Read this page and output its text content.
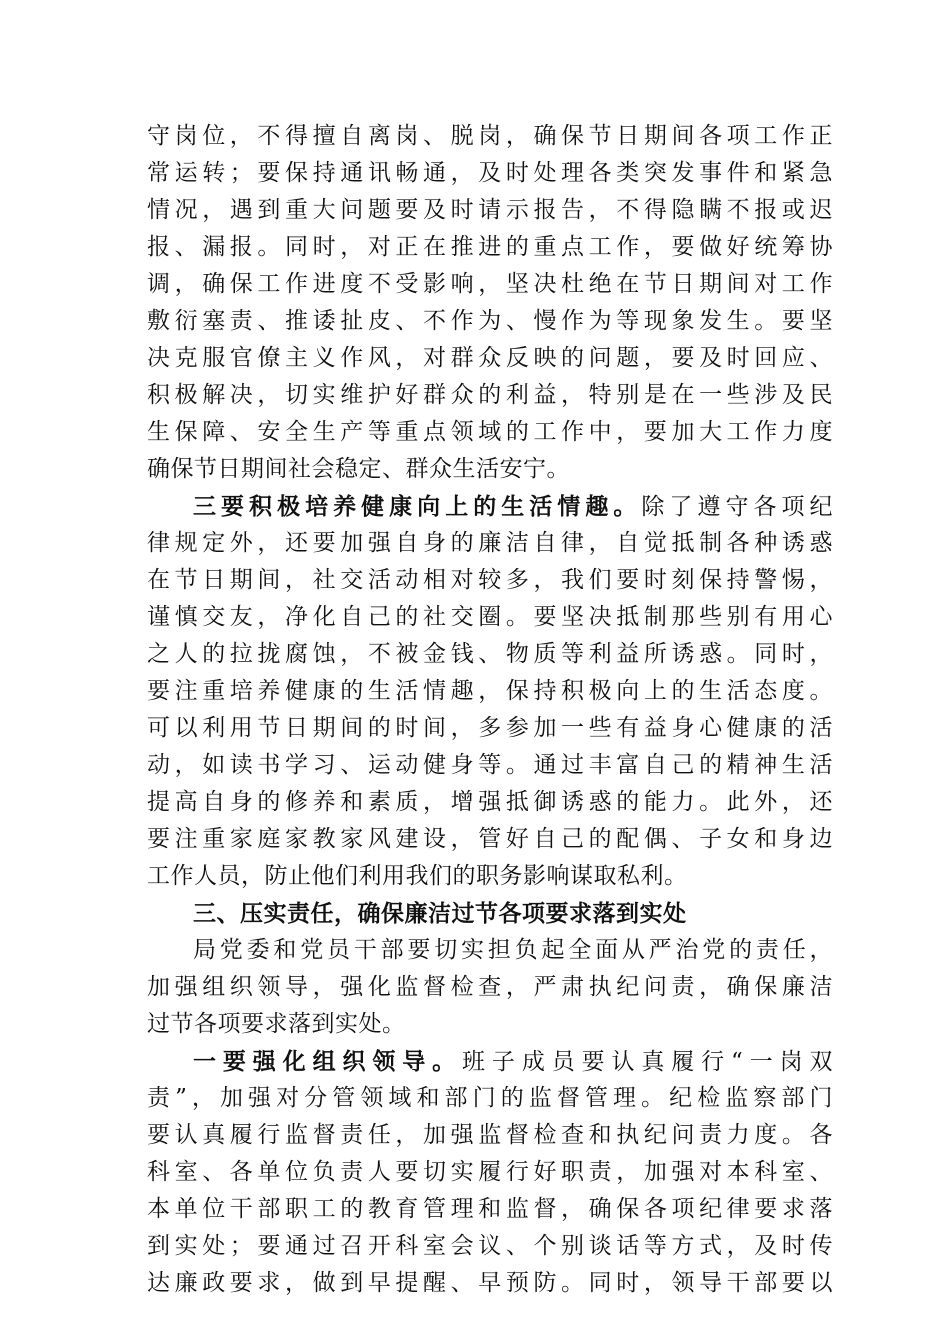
守岗位，不得擅自离岗、脱岗，确保节日期间各项工作正
常运转；要保持通讯畅通，及时处理各类突发事件和紧急
情况，遇到重大问题要及时请示报告，不得隐瞒不报或迟
报、漏报。同时，对正在推进的重点工作，要做好统筹协
调，确保工作进度不受影响，坚决杜绝在节日期间对工作
敷衍塞责、推诿扯皮、不作为、慢作为等现象发生。要坚
决克服官僚主义作风，对群众反映的问题，要及时回应、
积极解决，切实维护好群众的利益，特别是在一些涉及民
生保障、安全生产等重点领域的工作中，要加大工作力度
确保节日期间社会稳定、群众生活安宁。
三要积极培养健康向上的生活情趣。除了遵守各项纪
律规定外，还要加强自身的廉洁自律，自觉抵制各种诱惑
在节日期间，社交活动相对较多，我们要时刻保持警惕，
谨慎交友，净化自己的社交圈。要坚决抵制那些别有用心
之人的拉拢腐蚀，不被金钱、物质等利益所诱惑。同时，
要注重培养健康的生活情趣，保持积极向上的生活态度。
可以利用节日期间的时间，多参加一些有益身心健康的活
动，如读书学习、运动健身等。通过丰富自己的精神生活
提高自身的修养和素质，增强抵御诱惑的能力。此外，还
要注重家庭家教家风建设，管好自己的配偶、子女和身边
工作人员，防止他们利用我们的职务影响谋取私利。
三、压实责任，确保廉洁过节各项要求落到实处
局党委和党员干部要切实担负起全面从严治党的责任，
加强组织领导，强化监督检查，严肃执纪问责，确保廉洁
过节各项要求落到实处。
一要强化组织领导。班子成员要认真履行“一岗双
责”，加强对分管领域和部门的监督管理。纪检监察部门
要认真履行监督责任，加强监督检查和执纪问责力度。各
科室、各单位负责人要切实履行好职责，加强对本科室、
本单位干部职工的教育管理和监督，确保各项纪律要求落
到实处；要通过召开科室会议、个别谈话等方式，及时传
达廉政要求，做到早提醒、早预防。同时，领导干部要以
